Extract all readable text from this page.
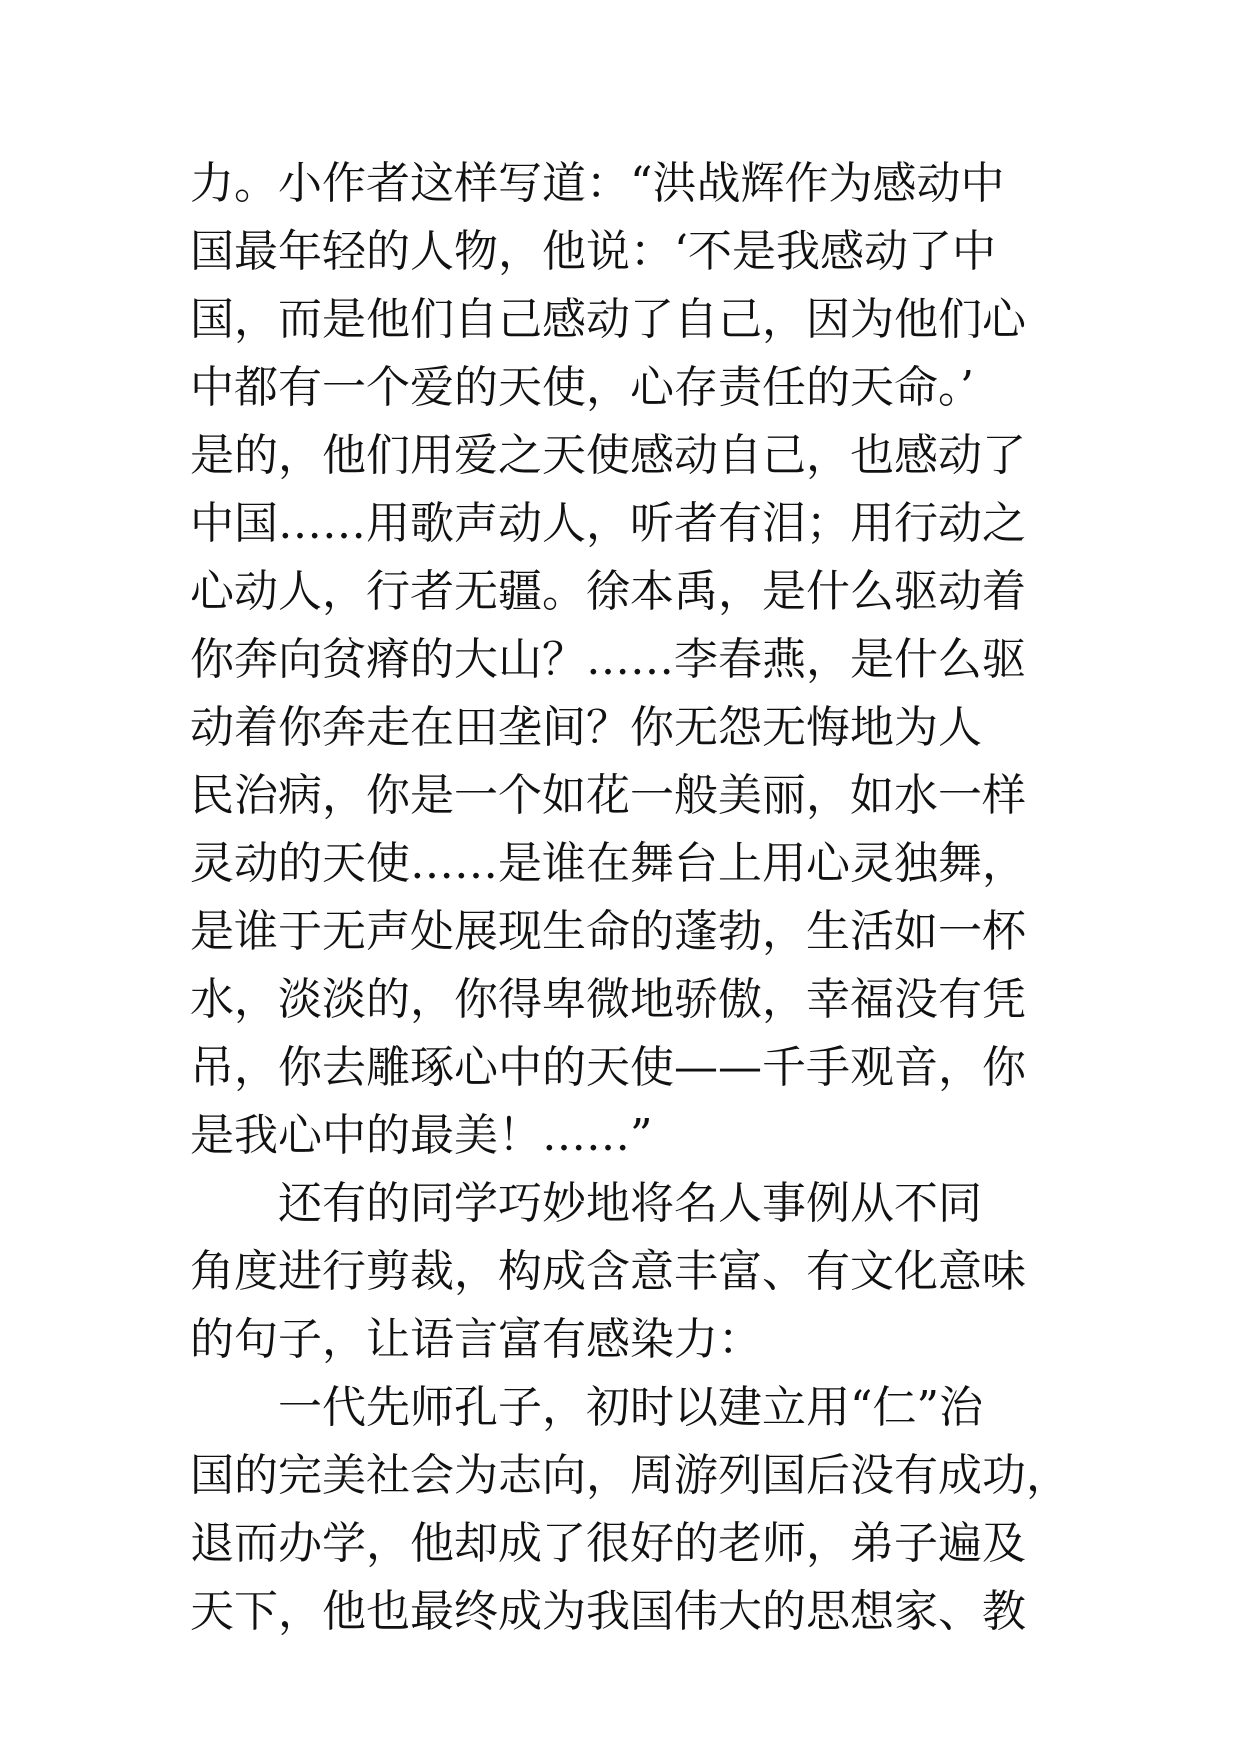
力。小作者这样写道：“洪战辉作为感动中
国最年轻的人物，他说：‘不是我感动了中
国，而是他们自己感动了自己，因为他们心
中都有一个爱的天使，心存责任的天命。’
是的，他们用爱之天使感动自己，也感动了
中国……用歌声动人，听者有泪；用行动之
心动人，行者无疆。徐本禹，是什么驱动着
你奔向贫瘠的大山？……李春燕，是什么驱
动着你奔走在田垄间？你无怨无悔地为人
民治病，你是一个如花一般美丽，如水一样
灵动的天使……是谁在舞台上用心灵独舞，
是谁于无声处展现生命的蓬勃，生活如一杯
水，淡淡的，你得卑微地骄傲，幸福没有凭
吊，你去雕琢心中的天使——千手观音，你
是我心中的最美！……”
还有的同学巧妙地将名人事例从不同
角度进行剪裁，构成含意丰富、有文化意味
的句子，让语言富有感染力：
一代先师孔子，初时以建立用“仁”治
国的完美社会为志向，周游列国后没有成功，
退而办学，他却成了很好的老师，弟子遍及
天下，他也最终成为我国伟大的思想家、教
